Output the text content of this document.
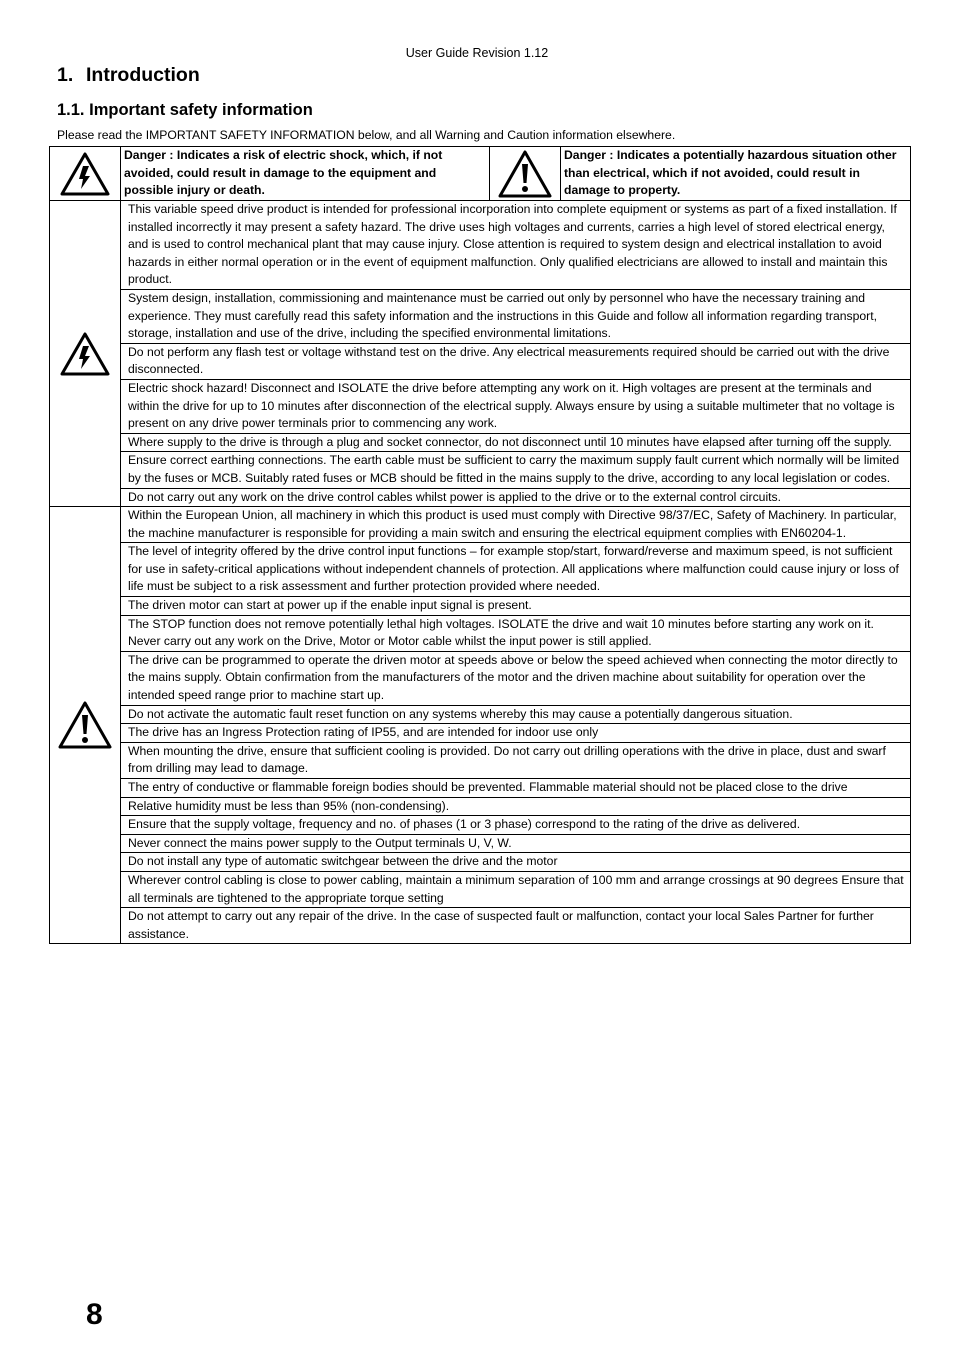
User Guide Revision 1.12
1. Introduction
1.1. Important safety information
Please read the IMPORTANT SAFETY INFORMATION below, and all Warning and Caution information elsewhere.
	Danger : Indicates a risk of electric shock, which, if not avoided, could result in damage to the equipment and possible injury or death.		Danger : Indicates a potentially hazardous situation other than electrical, which if not avoided, could result in damage to property.

	This variable speed drive product is intended for professional incorporation into complete equipment or systems as part of a fixed installation. If installed incorrectly it may present a safety hazard. The drive uses high voltages and currents, carries a high level of stored electrical energy, and is used to control mechanical plant that may cause injury. Close attention is required to system design and electrical installation to avoid hazards in either normal operation or in the event of equipment malfunction. Only qualified electricians are allowed to install and maintain this product.		
	System design, installation, commissioning and maintenance must be carried out only by personnel who have the necessary training and experience. They must carefully read this safety information and the instructions in this Guide and follow all information regarding transport, storage, installation and use of the drive, including the specified environmental limitations.		
	Do not perform any flash test or voltage withstand test on the drive. Any electrical measurements required should be carried out with the drive disconnected.		
	Electric shock hazard! Disconnect and ISOLATE the drive before attempting any work on it. High voltages are present at the terminals and within the drive for up to 10 minutes after disconnection of the electrical supply. Always ensure by using a suitable multimeter that no voltage is present on any drive power terminals prior to commencing any work.		
	Where supply to the drive is through a plug and socket connector, do not disconnect until 10 minutes have elapsed after turning off the supply.		
	Ensure correct earthing connections. The earth cable must be sufficient to carry the maximum supply fault current which normally will be limited by the fuses or MCB. Suitably rated fuses or MCB should be fitted in the mains supply to the drive, according to any local legislation or codes.		
	Do not carry out any work on the drive control cables whilst power is applied to the drive or to the external control circuits.		

	Within the European Union, all machinery in which this product is used must comply with Directive 98/37/EC, Safety of Machinery. In particular, the machine manufacturer is responsible for providing a main switch and ensuring the electrical equipment complies with EN60204-1.		
	The level of integrity offered by the drive control input functions – for example stop/start, forward/reverse and maximum speed, is not sufficient for use in safety-critical applications without independent channels of protection. All applications where malfunction could cause injury or loss of life must be subject to a risk assessment and further protection provided where needed.		
	The driven motor can start at power up if the enable input signal is present.		
	The STOP function does not remove potentially lethal high voltages. ISOLATE the drive and wait 10 minutes before starting any work on it. Never carry out any work on the Drive, Motor or Motor cable whilst the input power is still applied.		
	The drive can be programmed to operate the driven motor at speeds above or below the speed achieved when connecting the motor directly to the mains supply. Obtain confirmation from the manufacturers of the motor and the driven machine about suitability for operation over the intended speed range prior to machine start up.		
	Do not activate the automatic fault reset function on any systems whereby this may cause a potentially dangerous situation.		
	The drive has an Ingress Protection rating of IP55, and are intended for indoor use only		
	When mounting the drive, ensure that sufficient cooling is provided. Do not carry out drilling operations with the drive in place, dust and swarf from drilling may lead to damage.		
	The entry of conductive or flammable foreign bodies should be prevented. Flammable material should not be placed close to the drive		
	Relative humidity must be less than 95% (non-condensing).		
	Ensure that the supply voltage, frequency and no. of phases (1 or 3 phase) correspond to the rating of the drive as delivered.		
	Never connect the mains power supply to the Output terminals U, V, W.		
	Do not install any type of automatic switchgear between the drive and the motor		
	Wherever control cabling is close to power cabling, maintain a minimum separation of 100 mm and arrange crossings at 90 degrees Ensure that all terminals are tightened to the appropriate torque setting		
	Do not attempt to carry out any repair of the drive. In the case of suspected fault or malfunction, contact your local Sales Partner for further assistance.		
8
